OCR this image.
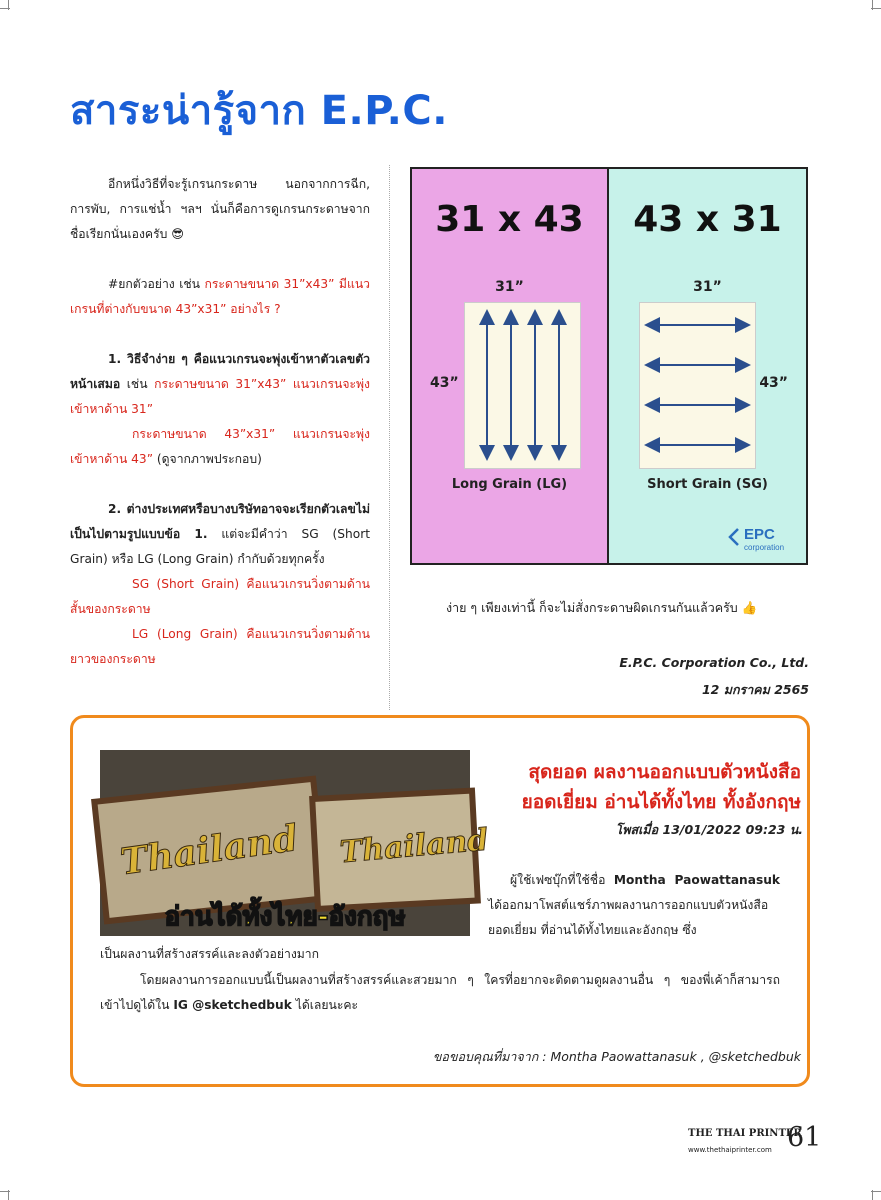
สาระน่ารู้จาก E.P.C.

อีกหนึ่งวิธีที่จะรู้เกรนกระดาษ นอกจากการฉีก, การพับ, การแช่น้ำ ฯลฯ นั่นก็คือการดูเกรนกระดาษจากชื่อเรียกนั่นเองครับ 😎

#ยกตัวอย่าง เช่น กระดาษขนาด 31”x43” มีแนวเกรนที่ต่างกับขนาด 43”x31” อย่างไร ?

1. วิธีจำง่าย ๆ คือแนวเกรนจะพุ่งเข้าหาตัวเลขตัวหน้าเสมอ เช่น กระดาษขนาด 31”x43” แนวเกรนจะพุ่งเข้าหาด้าน 31”
กระดาษขนาด 43”x31” แนวเกรนจะพุ่งเข้าหาด้าน 43” (ดูจากภาพประกอบ)

2. ต่างประเทศหรือบางบริษัทอาจจะเรียกตัวเลขไม่เป็นไปตามรูปแบบข้อ 1. แต่จะมีคำว่า SG (Short Grain) หรือ LG (Long Grain) กำกับด้วยทุกครั้ง
SG (Short Grain) คือแนวเกรนวิ่งตามด้านสั้นของกระดาษ
LG (Long Grain) คือแนวเกรนวิ่งตามด้านยาวของกระดาษ

31 x 43
31”
43”
Long Grain (LG)
43 x 31
31”
43”
Short Grain (SG)
EPC
corporation
ง่าย ๆ เพียงเท่านี้ ก็จะไม่สั่งกระดาษผิดเกรนกันแล้วครับ 👍
E.P.C. Corporation Co., Ltd.
12 มกราคม 2565
Thailand Thailand
อ่านได้ทั้งไทย-อังกฤษ
สุดยอด ผลงานออกแบบตัวหนังสือ
ยอดเยี่ยม อ่านได้ทั้งไทย ทั้งอังกฤษ
โพสเมื่อ 13/01/2022 09:23 น.
ผู้ใช้เฟซบุ๊กที่ใช้ชื่อ Montha Paowattanasuk ได้ออกมาโพสต์แชร์ภาพผลงานการออกแบบตัวหนังสือยอดเยี่ยม ที่อ่านได้ทั้งไทยและอังกฤษ ซึ่ง
เป็นผลงานที่สร้างสรรค์และลงตัวอย่างมาก
โดยผลงานการออกแบบนี้เป็นผลงานที่สร้างสรรค์และสวยมาก ๆ ใครที่อยากจะติดตามดูผลงานอื่น ๆ ของพี่เค้าก็สามารถเข้าไปดูได้ใน IG @sketchedbuk ได้เลยนะคะ
ขอขอบคุณที่มาจาก : Montha Paowattanasuk , @sketchedbuk
THE THAI PRINTER
www.thethaiprinter.com 61
